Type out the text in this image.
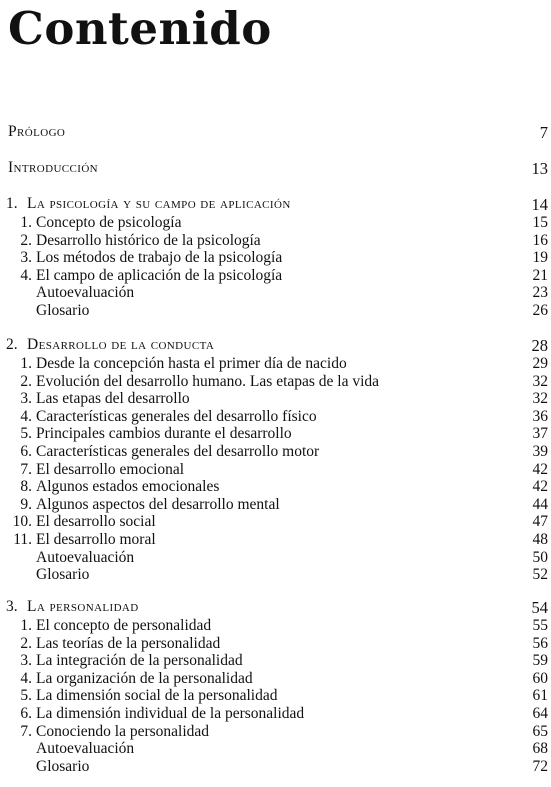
Contenido
Prólogo	7
Introducción	13
1. La psicología y su campo de aplicación	14
1. Concepto de psicología	15
2. Desarrollo histórico de la psicología	16
3. Los métodos de trabajo de la psicología	19
4. El campo de aplicación de la psicología	21
Autoevaluación	23
Glosario	26
2. Desarrollo de la conducta	28
1. Desde la concepción hasta el primer día de nacido	29
2. Evolución del desarrollo humano. Las etapas de la vida	32
3. Las etapas del desarrollo	32
4. Características generales del desarrollo físico	36
5. Principales cambios durante el desarrollo	37
6. Características generales del desarrollo motor	39
7. El desarrollo emocional	42
8. Algunos estados emocionales	42
9. Algunos aspectos del desarrollo mental	44
10. El desarrollo social	47
11. El desarrollo moral	48
Autoevaluación	50
Glosario	52
3. La personalidad	54
1. El concepto de personalidad	55
2. Las teorías de la personalidad	56
3. La integración de la personalidad	59
4. La organización de la personalidad	60
5. La dimensión social de la personalidad	61
6. La dimensión individual de la personalidad	64
7. Conociendo la personalidad	65
Autoevaluación	68
Glosario	72
